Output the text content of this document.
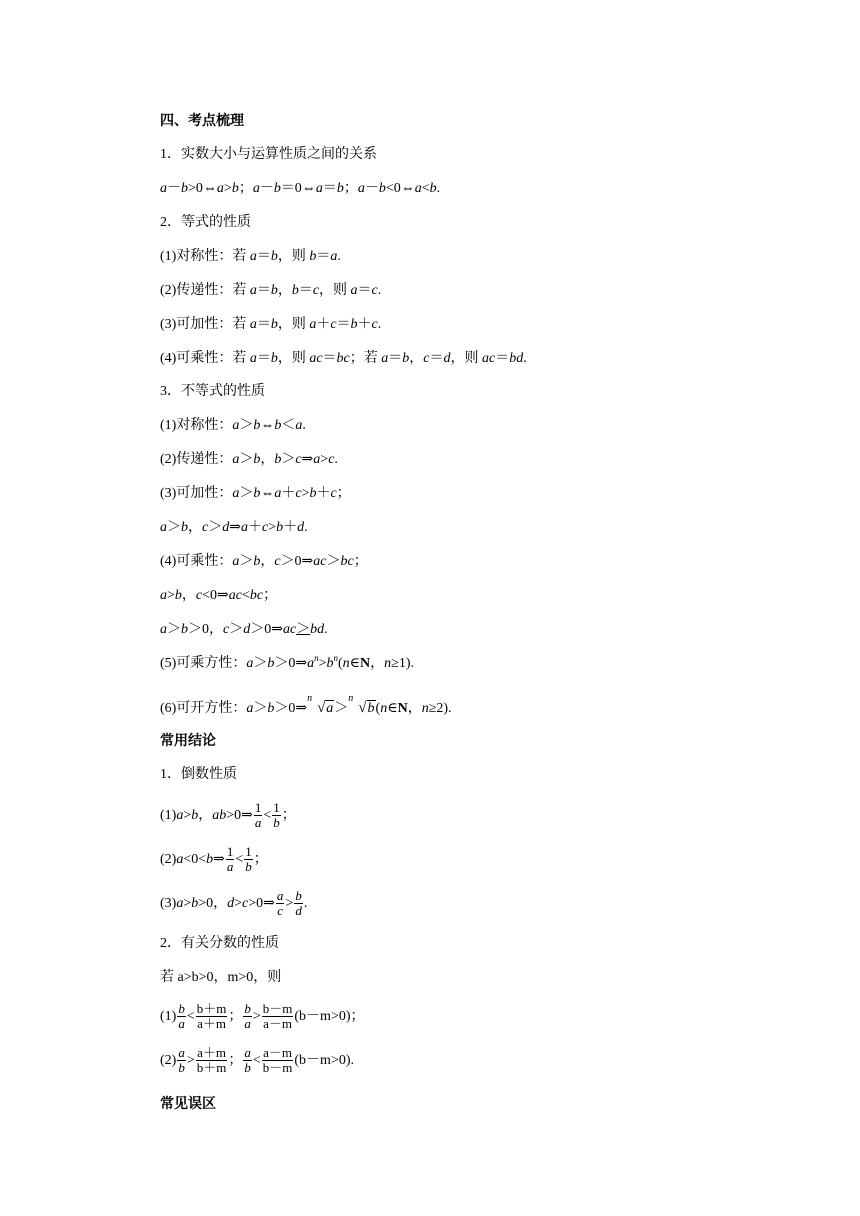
四、考点梳理
1．实数大小与运算性质之间的关系
a－b>0⇔a>b；a－b＝0⇔a＝b；a－b<0⇔a<b.
2．等式的性质
(1)对称性：若 a＝b，则 b＝a.
(2)传递性：若 a＝b，b＝c，则 a＝c.
(3)可加性：若 a＝b，则 a＋c＝b＋c.
(4)可乘性：若 a＝b，则 ac＝bc；若 a＝b，c＝d，则 ac＝bd.
3．不等式的性质
(1)对称性：a＞b⇔b＜a.
(2)传递性：a＞b，b＞c⇒a>c.
(3)可加性：a＞b⇔a＋c>b＋c；
a＞b，c＞d⇒a＋c>b＋d.
(4)可乘性：a＞b，c＞0⇒ac＞bc；
a>b，c<0⇒ac<bc；
a＞b＞0，c＞d＞0⇒ac＞bd.
(5)可乘方性：$a>b>0\Rightarrow a^n>b^n(n\in N$，n≥1).
(6)可开方性：a＞b＞0⇒
n
√a＞
n
√b(n∈N，n≥2).
常用结论
1．倒数性质
(1)a>b，ab>0⇒ $\frac{1}{a} < \frac{1}{b}$ ；
(2)a<0<b⇒ $\frac{1}{a} < \frac{1}{b}$ ；
(3)a>b>0，d>c>0⇒ $\frac{a}{c} > \frac{b}{d}$ .
2．有关分数的性质
若 a>b>0，m>0，则
$(1) \frac{b}{a} < \frac{b+m}{a+m}$ ； $\frac{b}{a} > \frac{b-m}{a-m} (b-m>0)$；
$(2) \frac{a}{b} > \frac{a+m}{b+m}$ ； $\frac{a}{b} < \frac{a-m}{b-m} (b-m>0)$.
常见误区
